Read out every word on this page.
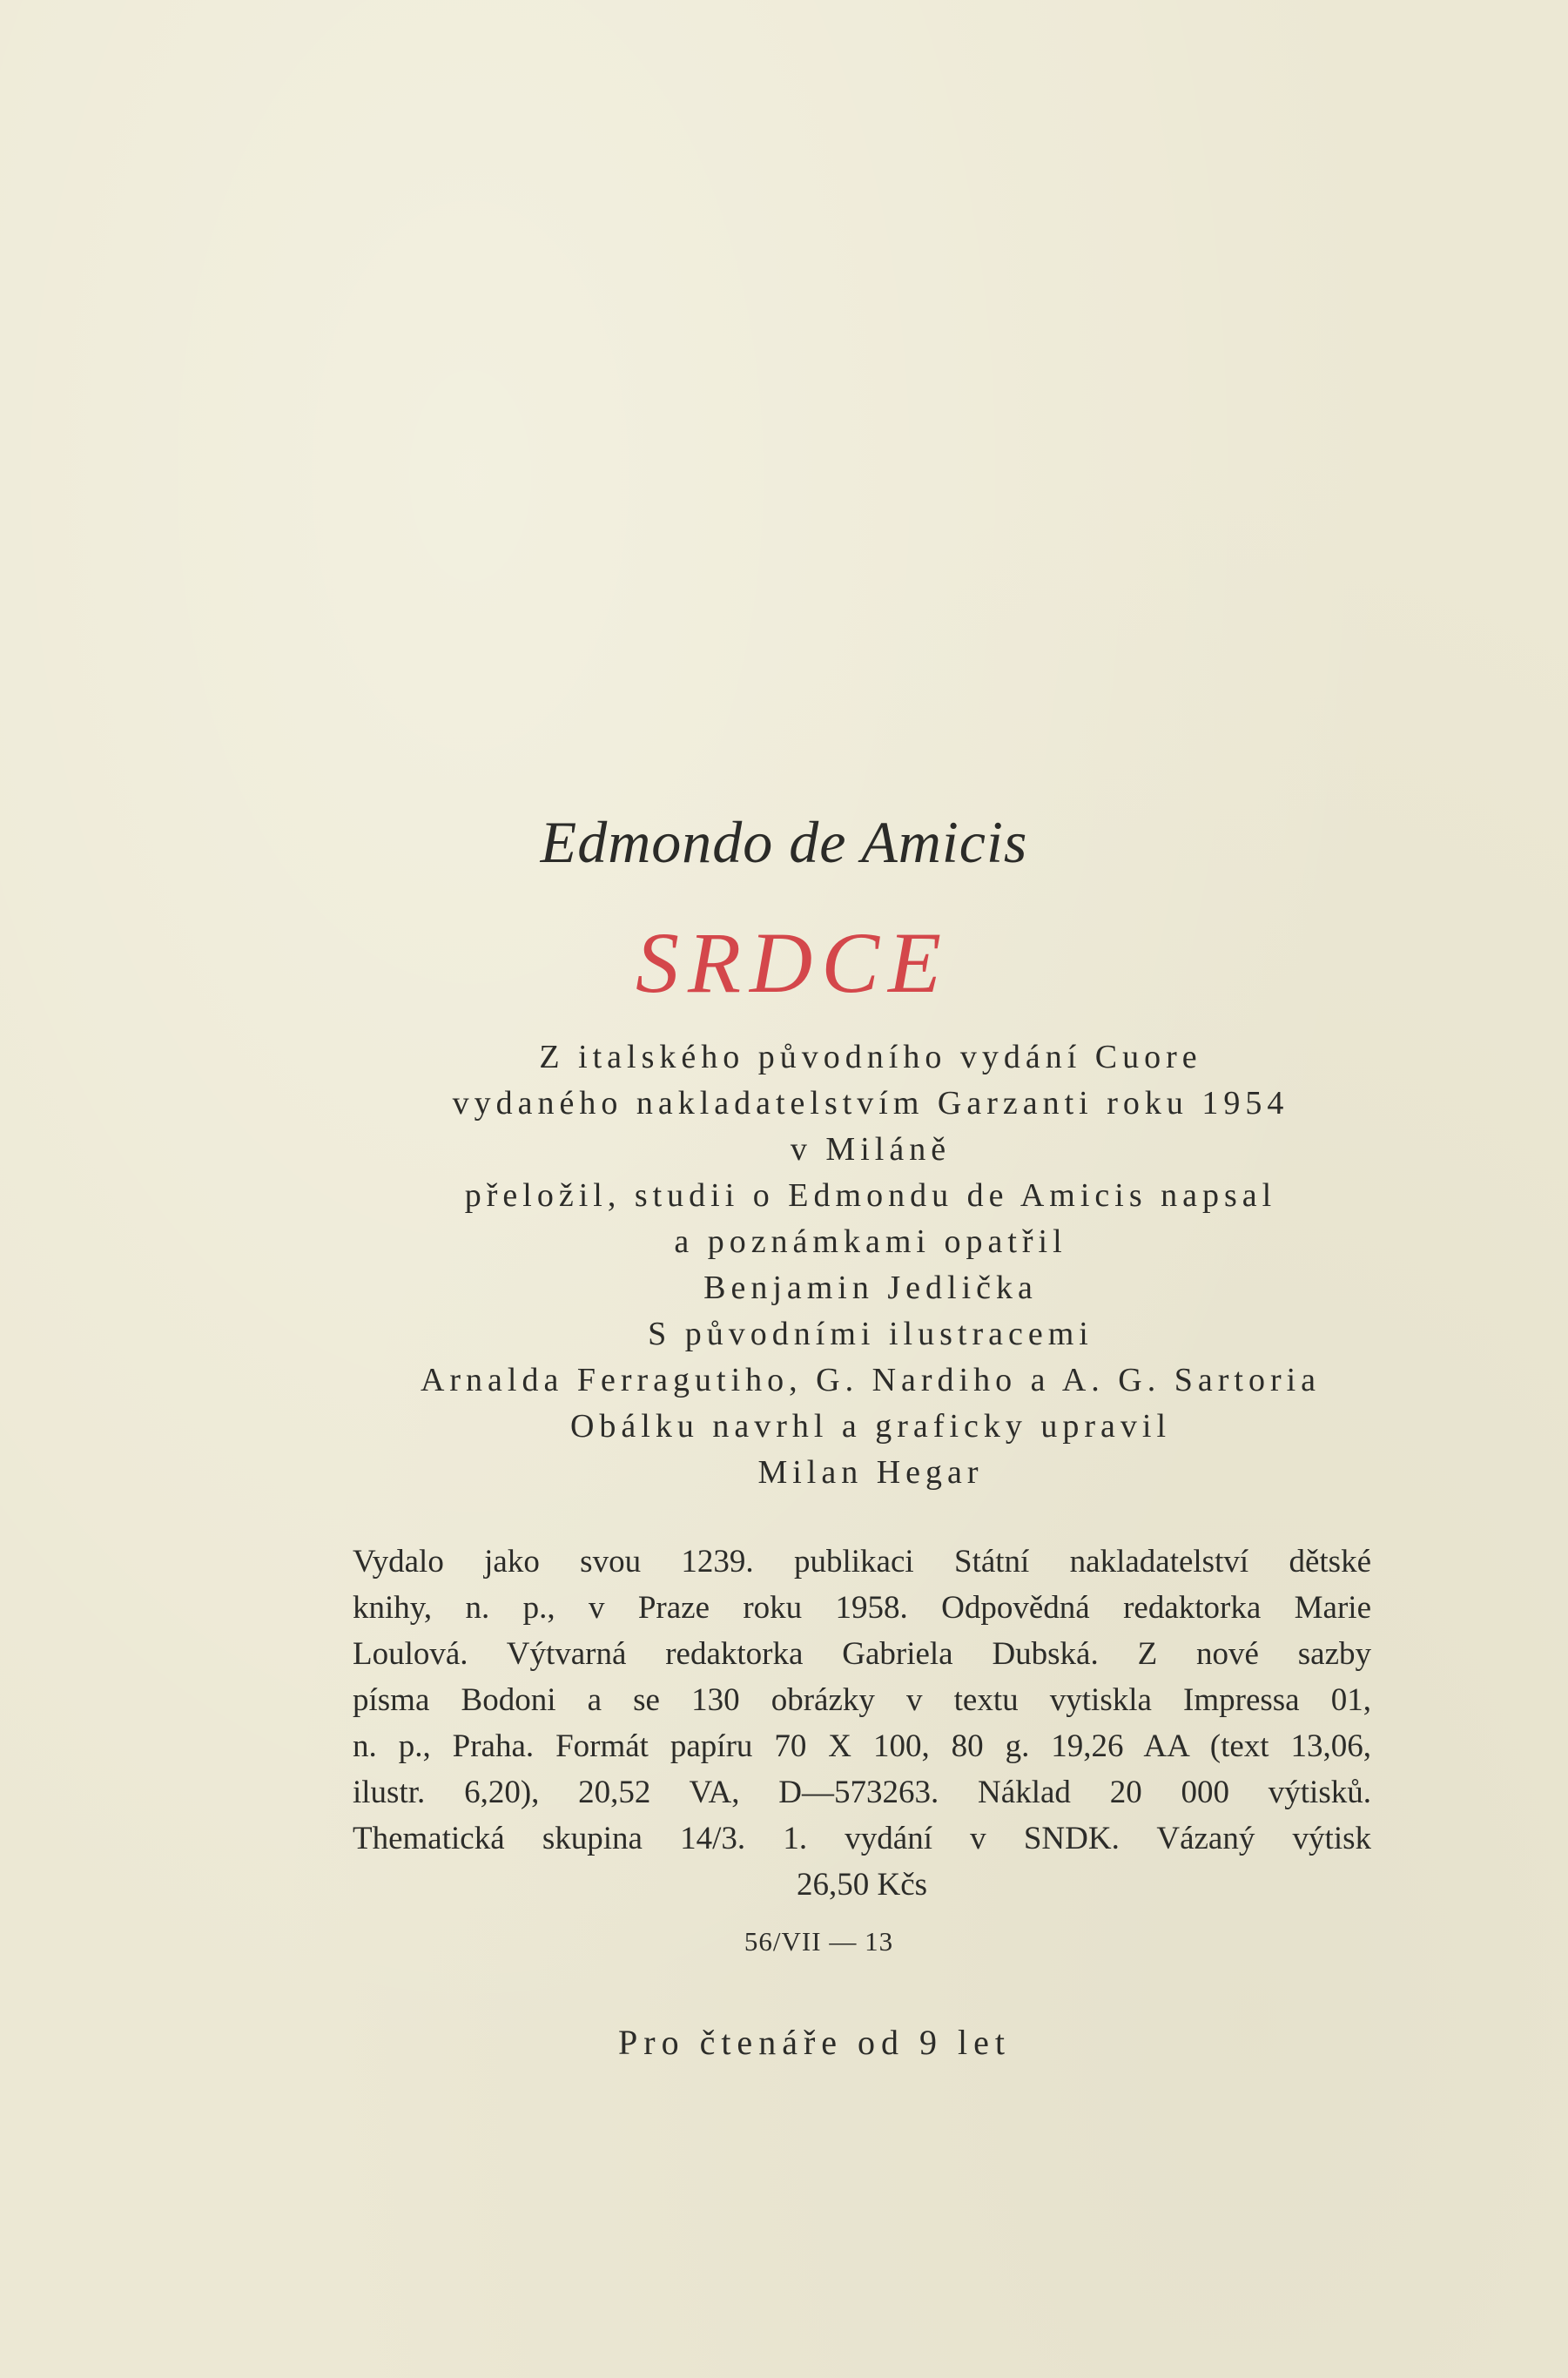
Edmondo de Amicis
SRDCE
Z italského původního vydání Cuore
vydaného nakladatelstvím Garzanti roku 1954
v Miláně
přeložil, studii o Edmondu de Amicis napsal
a poznámkami opatřil
Benjamin Jedlička
S původními ilustracemi
Arnalda Ferragutiho, G. Nardiho a A. G. Sartoria
Obálku navrhl a graficky upravil
Milan Hegar
Vydalo jako svou 1239. publikaci Státní nakladatelství dětské
knihy, n. p., v Praze roku 1958. Odpovědná redaktorka Marie
Loulová. Výtvarná redaktorka Gabriela Dubská. Z nové sazby
písma Bodoni a se 130 obrázky v textu vytiskla Impressa 01,
n. p., Praha. Formát papíru 70 X 100, 80 g. 19,26 AA (text 13,06,
ilustr. 6,20), 20,52 VA, D—573263. Náklad 20 000 výtisků.
Thematická skupina 14/3. 1. vydání v SNDK. Vázaný výtisk
26,50 Kčs
56/VII — 13
Pro čtenáře od 9 let
